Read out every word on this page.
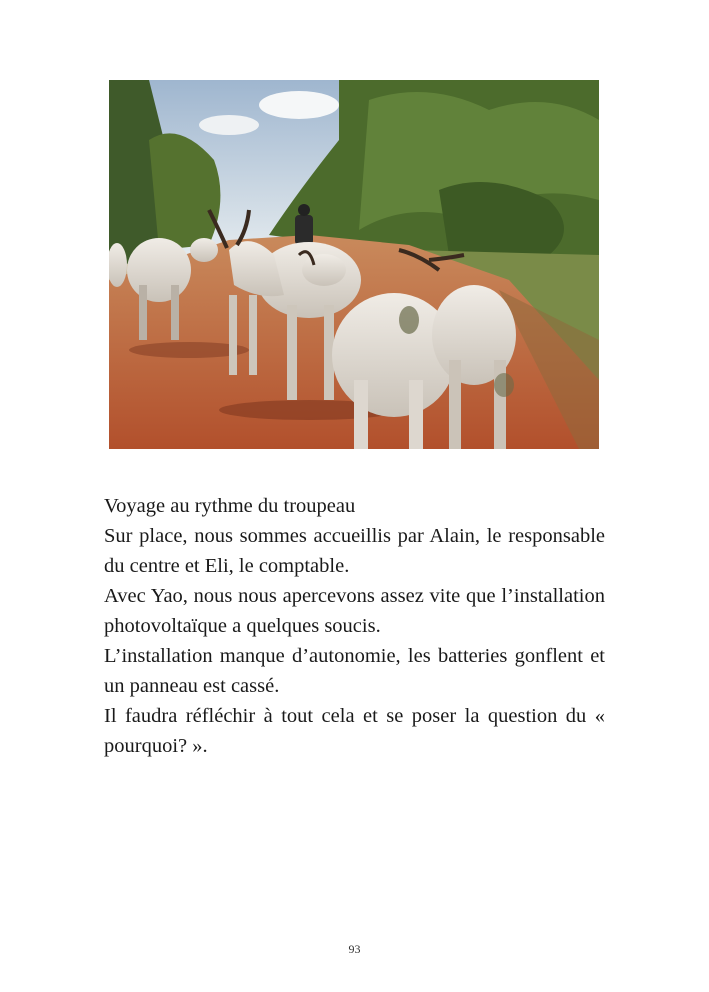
Voyage au rythme du troupeau

Sur place, nous sommes accueillis par Alain, le responsable du centre et Eli, le comptable.

Avec Yao, nous nous apercevons assez vite que l’installation photovoltaïque a quelques soucis.

L’installation manque d’autonomie, les batteries gonflent et un panneau est cassé.

Il faudra réfléchir à tout cela et se poser la question du « pourquoi? ».

93
